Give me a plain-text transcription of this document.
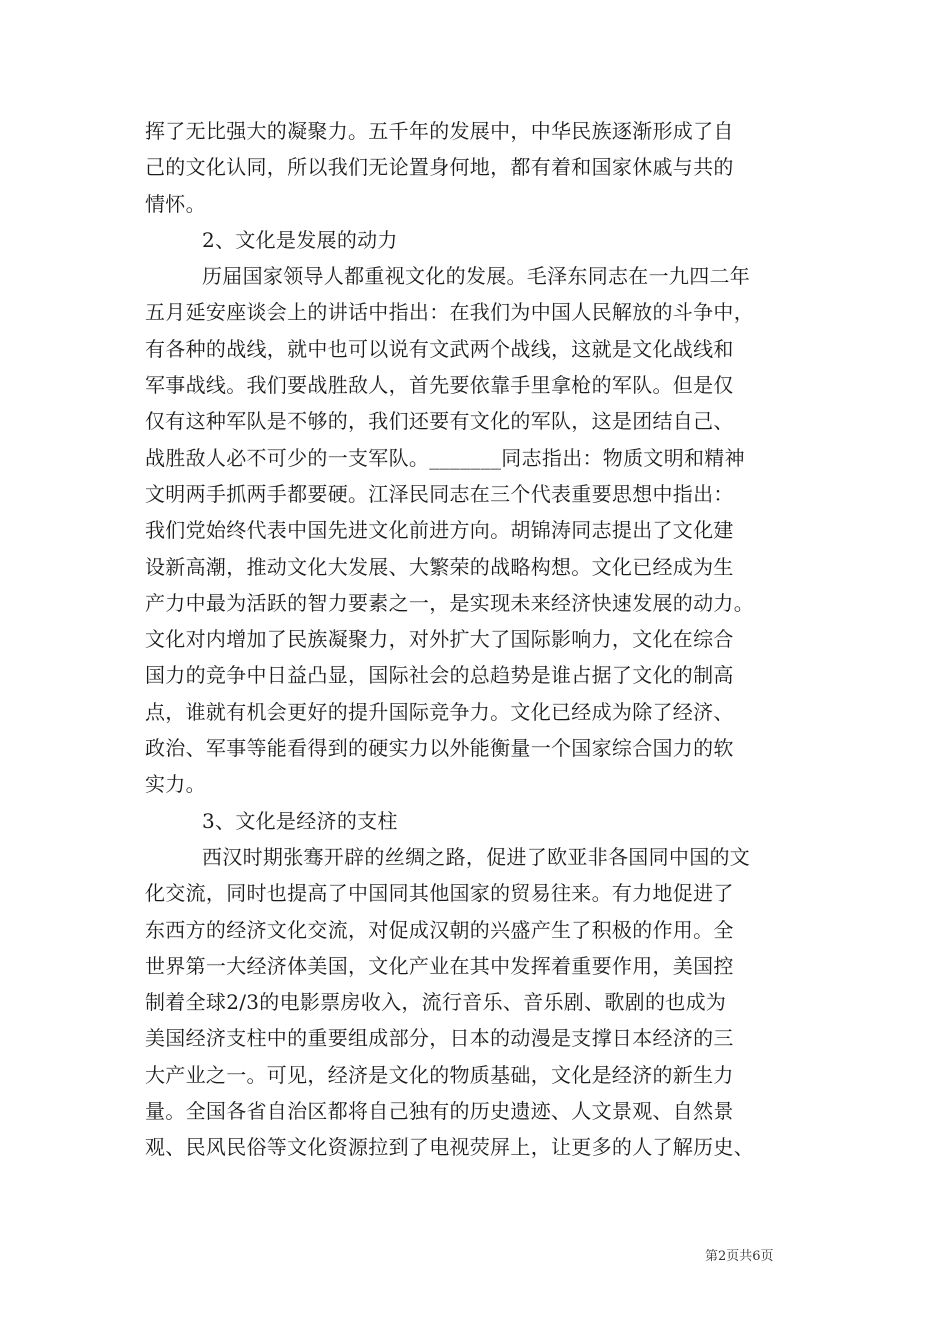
挥了无比强大的凝聚力。五千年的发展中，中华民族逐渐形成了自
己的文化认同，所以我们无论置身何地，都有着和国家休戚与共的
情怀。
2、文化是发展的动力
历届国家领导人都重视文化的发展。毛泽东同志在一九四二年
五月延安座谈会上的讲话中指出：在我们为中国人民解放的斗争中，
有各种的战线，就中也可以说有文武两个战线，这就是文化战线和
军事战线。我们要战胜敌人，首先要依靠手里拿枪的军队。但是仅
仅有这种军队是不够的，我们还要有文化的军队，这是团结自己、
战胜敌人必不可少的一支军队。_______同志指出：物质文明和精神
文明两手抓两手都要硬。江泽民同志在三个代表重要思想中指出：
我们党始终代表中国先进文化前进方向。胡锦涛同志提出了文化建
设新高潮，推动文化大发展、大繁荣的战略构想。文化已经成为生
产力中最为活跃的智力要素之一，是实现未来经济快速发展的动力。
文化对内增加了民族凝聚力，对外扩大了国际影响力，文化在综合
国力的竞争中日益凸显，国际社会的总趋势是谁占据了文化的制高
点，谁就有机会更好的提升国际竞争力。文化已经成为除了经济、
政治、军事等能看得到的硬实力以外能衡量一个国家综合国力的软
实力。
3、文化是经济的支柱
西汉时期张骞开辟的丝绸之路，促进了欧亚非各国同中国的文
化交流，同时也提高了中国同其他国家的贸易往来。有力地促进了
东西方的经济文化交流，对促成汉朝的兴盛产生了积极的作用。全
世界第一大经济体美国，文化产业在其中发挥着重要作用，美国控
制着全球2/3的电影票房收入，流行音乐、音乐剧、歌剧的也成为
美国经济支柱中的重要组成部分，日本的动漫是支撑日本经济的三
大产业之一。可见，经济是文化的物质基础，文化是经济的新生力
量。全国各省自治区都将自己独有的历史遗迹、人文景观、自然景
观、民风民俗等文化资源拉到了电视荧屏上，让更多的人了解历史、
第2页共6页
